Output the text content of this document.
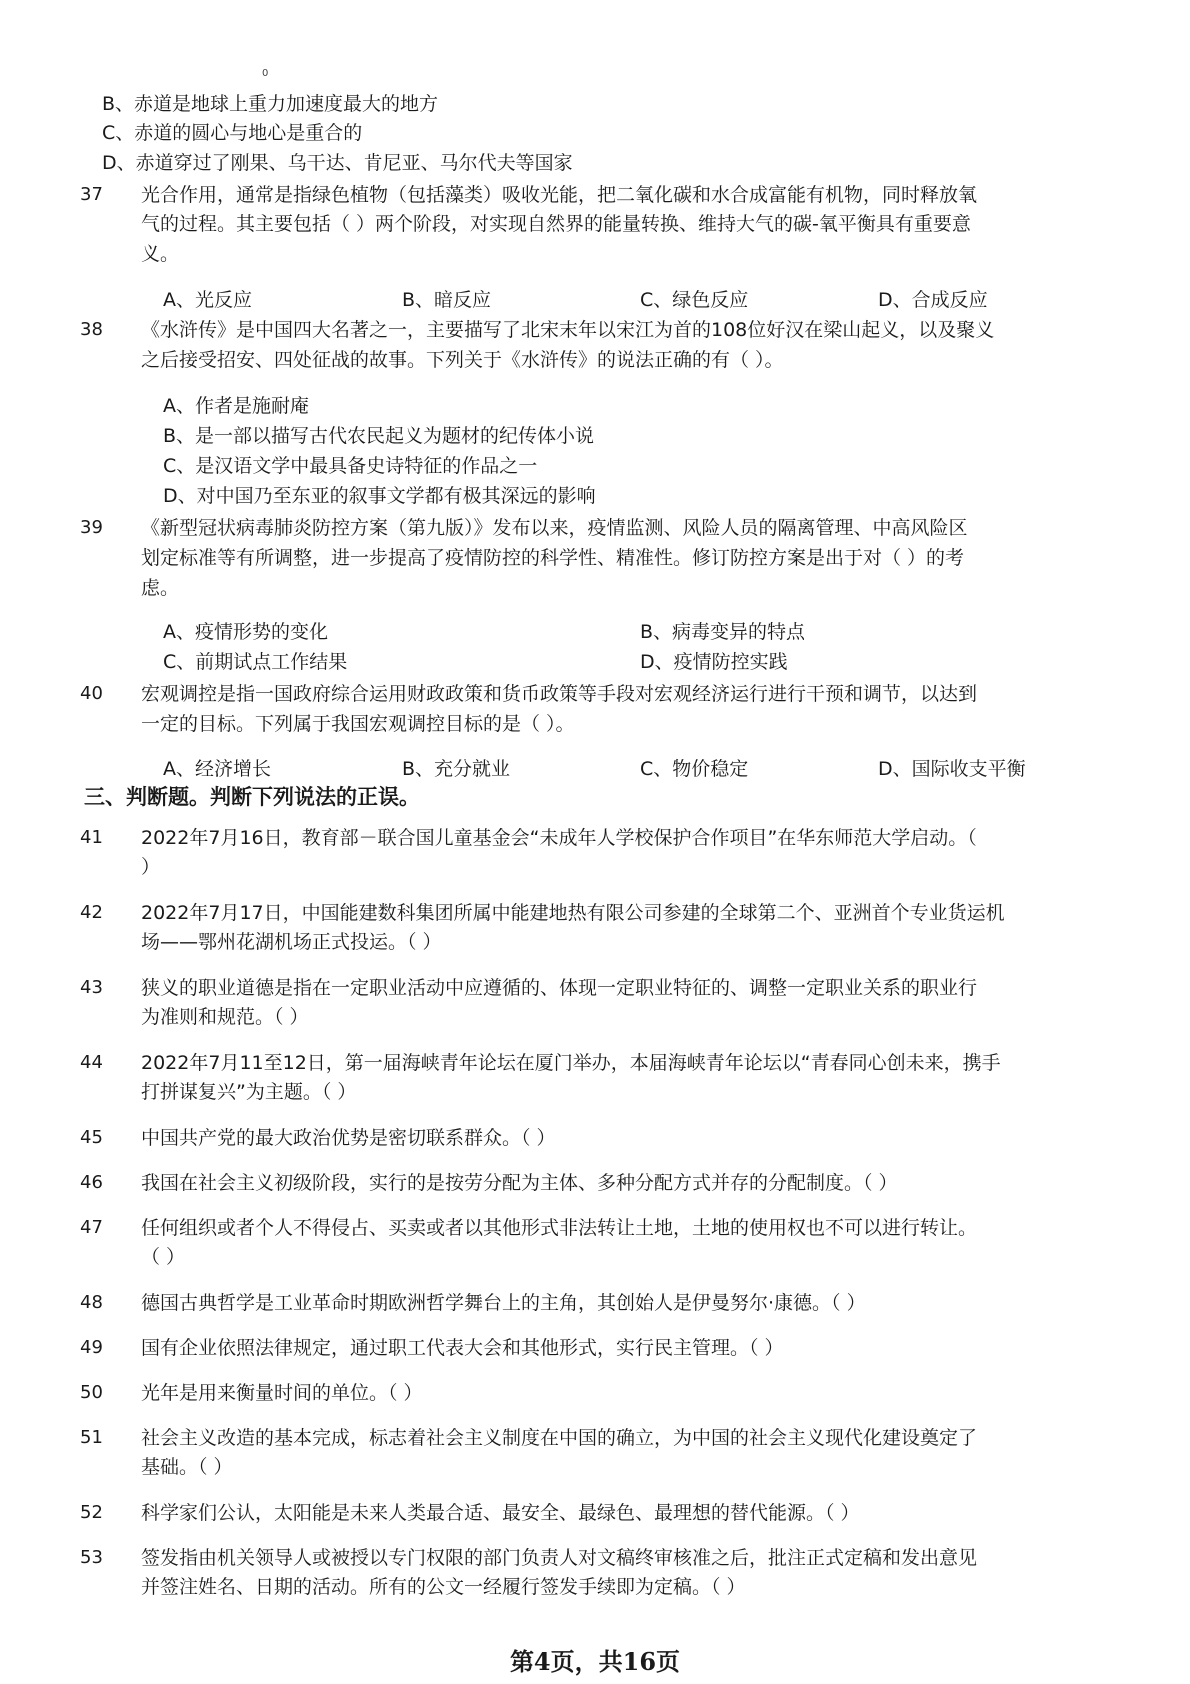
0
B、赤道是地球上重力加速度最大的地方
C、赤道的圆心与地心是重合的
D、赤道穿过了刚果、乌干达、肯尼亚、马尔代夫等国家
37 光合作用，通常是指绿色植物（包括藻类）吸收光能，把二氧化碳和水合成富能有机物，同时释放氧
气的过程。其主要包括（ ）两个阶段，对实现自然界的能量转换、维持大气的碳-氧平衡具有重要意
义。
A、光反应	B、暗反应	C、绿色反应	D、合成反应
38 《水浒传》是中国四大名著之一，主要描写了北宋末年以宋江为首的108位好汉在梁山起义，以及聚义
之后接受招安、四处征战的故事。下列关于《水浒传》的说法正确的有（ ）。
A、作者是施耐庵
B、是一部以描写古代农民起义为题材的纪传体小说
C、是汉语文学中最具备史诗特征的作品之一
D、对中国乃至东亚的叙事文学都有极其深远的影响
39 《新型冠状病毒肺炎防控方案（第九版）》发布以来，疫情监测、风险人员的隔离管理、中高风险区
划定标准等有所调整，进一步提高了疫情防控的科学性、精准性。修订防控方案是出于对（ ）的考
虑。
A、疫情形势的变化	B、病毒变异的特点
C、前期试点工作结果	D、疫情防控实践
40 宏观调控是指一国政府综合运用财政政策和货币政策等手段对宏观经济运行进行干预和调节，以达到
一定的目标。下列属于我国宏观调控目标的是（ ）。
A、经济增长	B、充分就业	C、物价稳定	D、国际收支平衡
三、判断题。判断下列说法的正误。
41 2022年7月16日，教育部－联合国儿童基金会“未成年人学校保护合作项目”在华东师范大学启动。（
）
42 2022年7月17日，中国能建数科集团所属中能建地热有限公司参建的全球第二个、亚洲首个专业货运机
场——鄂州花湖机场正式投运。（ ）
43 狭义的职业道德是指在一定职业活动中应遵循的、体现一定职业特征的、调整一定职业关系的职业行
为准则和规范。（ ）
44 2022年7月11至12日，第一届海峡青年论坛在厦门举办，本届海峡青年论坛以“青春同心创未来，携手
打拼谋复兴”为主题。（ ）
45 中国共产党的最大政治优势是密切联系群众。（ ）
46 我国在社会主义初级阶段，实行的是按劳分配为主体、多种分配方式并存的分配制度。（ ）
47 任何组织或者个人不得侵占、买卖或者以其他形式非法转让土地，土地的使用权也不可以进行转让。
（ ）
48 德国古典哲学是工业革命时期欧洲哲学舞台上的主角，其创始人是伊曼努尔·康德。（ ）
49 国有企业依照法律规定，通过职工代表大会和其他形式，实行民主管理。（ ）
50 光年是用来衡量时间的单位。（ ）
51 社会主义改造的基本完成，标志着社会主义制度在中国的确立，为中国的社会主义现代化建设奠定了
基础。（ ）
52 科学家们公认，太阳能是未来人类最合适、最安全、最绿色、最理想的替代能源。（ ）
53 签发指由机关领导人或被授以专门权限的部门负责人对文稿终审核准之后，批注正式定稿和发出意见
并签注姓名、日期的活动。所有的公文一经履行签发手续即为定稿。（ ）
第4页，共16页
